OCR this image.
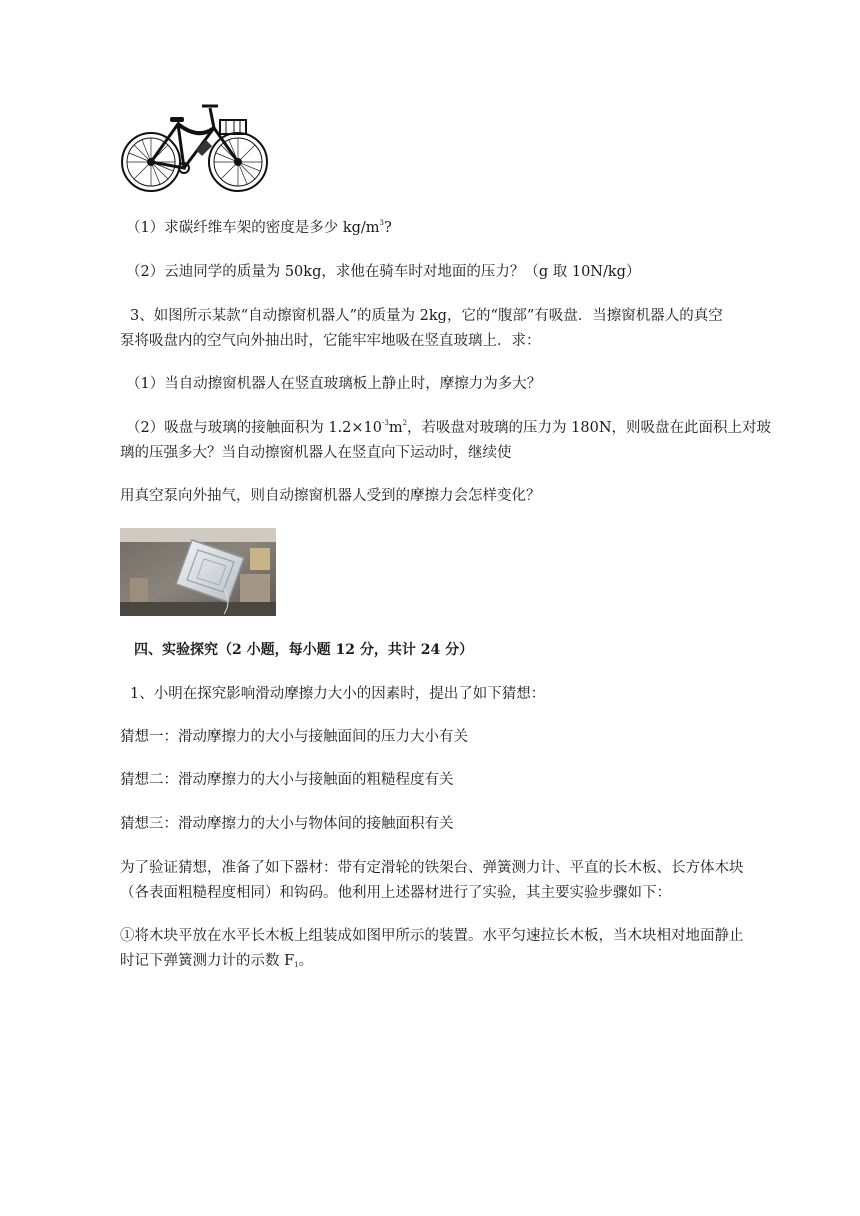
（1）求碳纤维车架的密度是多少 $kg/m^3$?
（2）云迪同学的质量为 50kg，求他在骑车时对地面的压力？（g 取 10N/kg）
3、如图所示某款“自动擦窗机器人”的质量为 2kg，它的“腹部”有吸盘．当擦窗机器人的真空
泵将吸盘内的空气向外抽出时，它能牢牢地吸在竖直玻璃上．求：
（1）当自动擦窗机器人在竖直玻璃板上静止时，摩擦力为多大？
（2）吸盘与玻璃的接触面积为 $1.2\times 10^{-3}m^2$，若吸盘对玻璃的压力为 180N，则吸盘在此面积上对玻
璃的压强多大？当自动擦窗机器人在竖直向下运动时，继续使
用真空泵向外抽气，则自动擦窗机器人受到的摩擦力会怎样变化？
四、实验探究（2 小题，每小题 12 分，共计 24 分）
1、小明在探究影响滑动摩擦力大小的因素时，提出了如下猜想：
猜想一：滑动摩擦力的大小与接触面间的压力大小有关
猜想二：滑动摩擦力的大小与接触面的粗糙程度有关
猜想三：滑动摩擦力的大小与物体间的接触面积有关
为了验证猜想，准备了如下器材：带有定滑轮的铁架台、弹簧测力计、平直的长木板、长方体木块
（各表面粗糙程度相同）和钩码。他利用上述器材进行了实验，其主要实验步骤如下：
①将木块平放在水平长木板上组装成如图甲所示的装置。水平匀速拉长木板，当木块相对地面静止
时记下弹簧测力计的示数 $F_1$。
